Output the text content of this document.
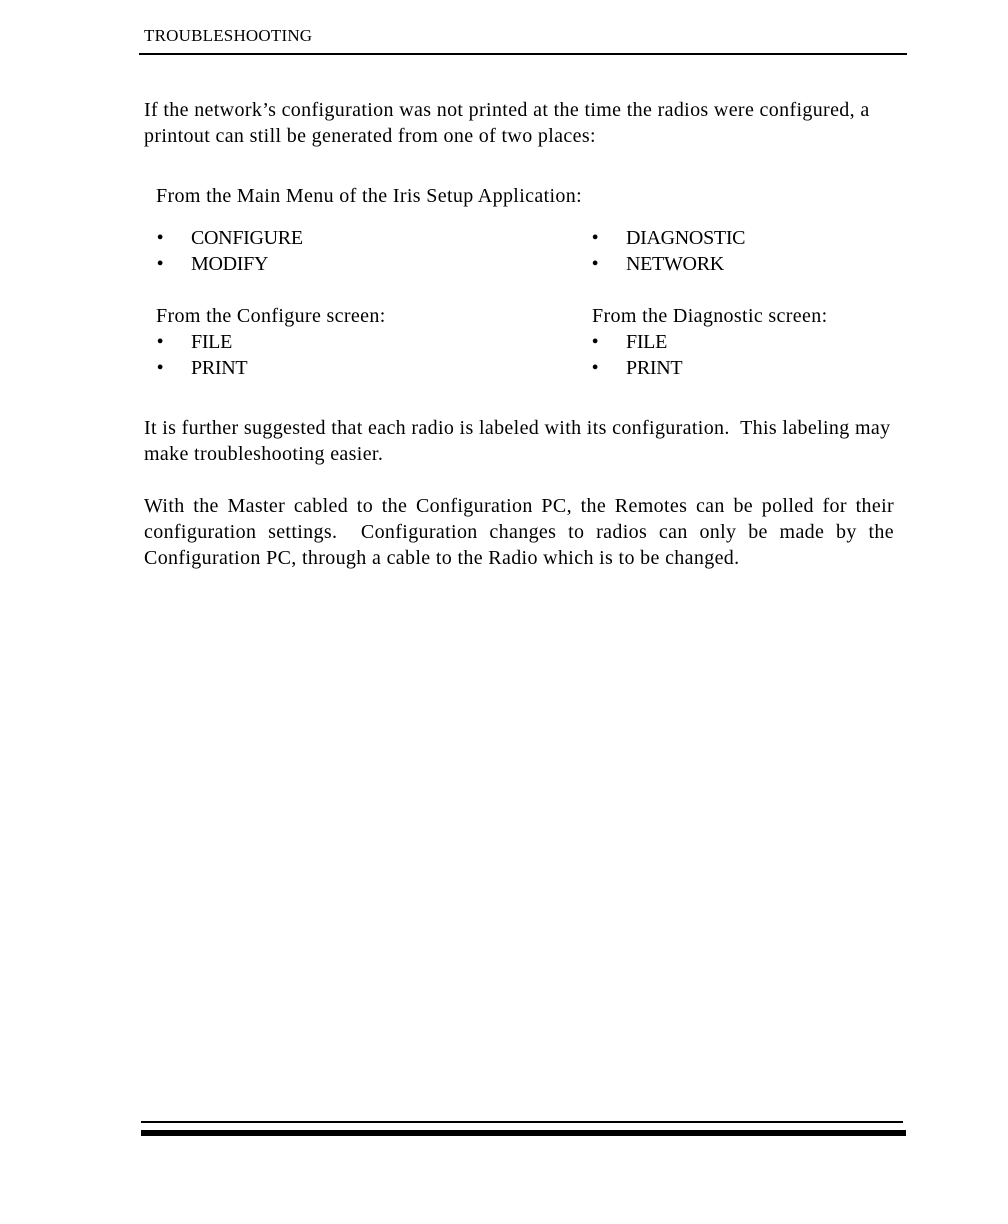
TROUBLESHOOTING

If the network’s configuration was not printed at the time the radios were configured, a printout can still be generated from one of two places:

From the Main Menu of the Iris Setup Application:
• CONFIGURE
• MODIFY
• DIAGNOSTIC
• NETWORK
From the Configure screen:	From the Diagnostic screen:
• FILE
• PRINT
• FILE
• PRINT

It is further suggested that each radio is labeled with its configuration.  This labeling may make troubleshooting easier.

With the Master cabled to the Configuration PC, the Remotes can be polled for their configuration settings.  Configuration changes to radios can only be made by the Configuration PC, through a cable to the Radio which is to be changed.
